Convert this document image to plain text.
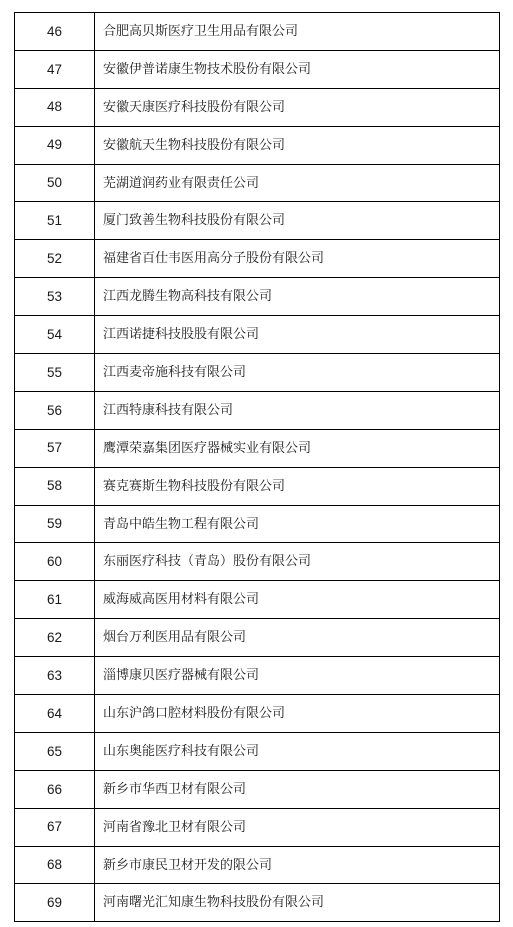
46	合肥高贝斯医疗卫生用品有限公司
47	安徽伊普诺康生物技术股份有限公司
48	安徽天康医疗科技股份有限公司
49	安徽航天生物科技股份有限公司
50	芜湖道润药业有限责任公司
51	厦门致善生物科技股份有限公司
52	福建省百仕韦医用高分子股份有限公司
53	江西龙腾生物高科技有限公司
54	江西诺捷科技股股有限公司
55	江西麦帝施科技有限公司
56	江西特康科技有限公司
57	鹰潭荣嘉集团医疗器械实业有限公司
58	赛克赛斯生物科技股份有限公司
59	青岛中皓生物工程有限公司
60	东丽医疗科技（青岛）股份有限公司
61	威海威高医用材料有限公司
62	烟台万利医用品有限公司
63	淄博康贝医疗器械有限公司
64	山东沪鸽口腔材料股份有限公司
65	山东奥能医疗科技有限公司
66	新乡市华西卫材有限公司
67	河南省豫北卫材有限公司
68	新乡市康民卫材开发的限公司
69	河南曙光汇知康生物科技股份有限公司
